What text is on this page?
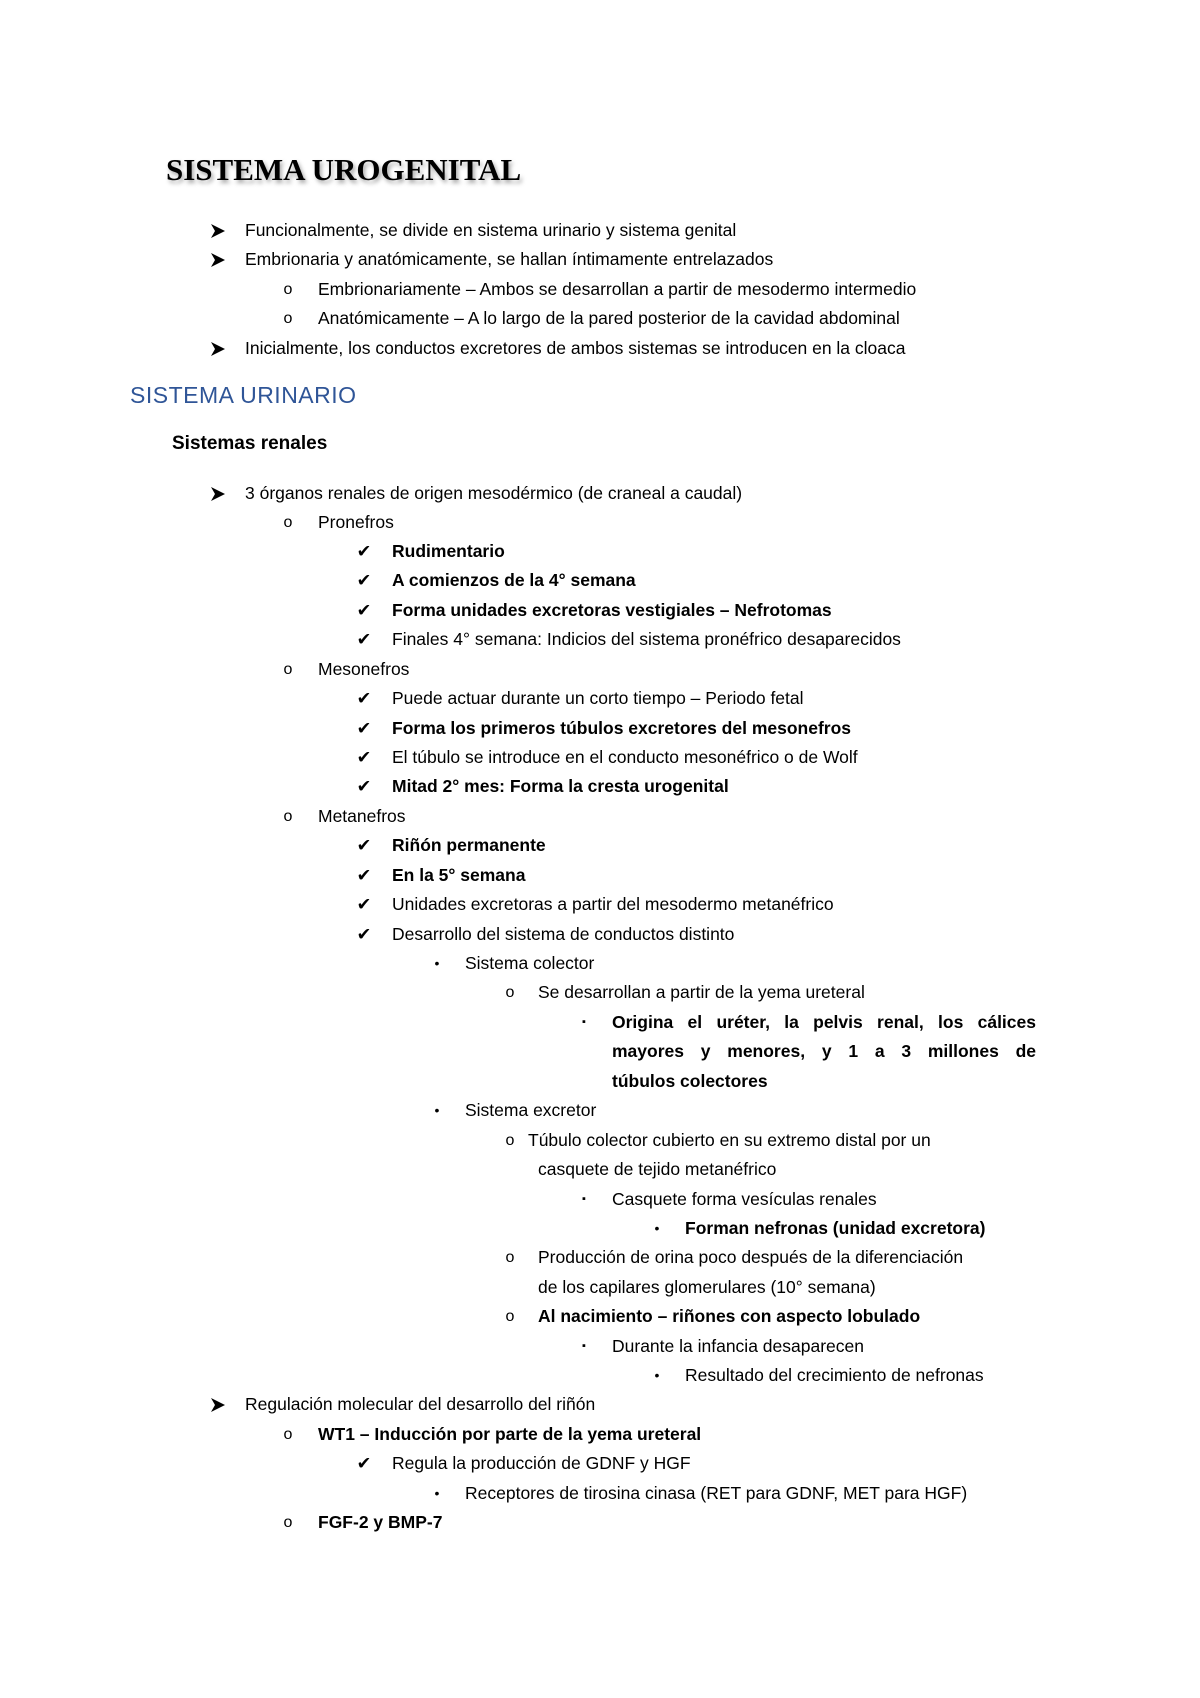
SISTEMA UROGENITAL
Funcionalmente, se divide en sistema urinario y sistema genital
Embrionaria y anatómicamente, se hallan íntimamente entrelazados
o	Embrionariamente – Ambos se desarrollan a partir de mesodermo intermedio
o	Anatómicamente – A lo largo de la pared posterior de la cavidad abdominal
Inicialmente, los conductos excretores de ambos sistemas se introducen en la cloaca
SISTEMA URINARIO
Sistemas renales
3 órganos renales de origen mesodérmico (de craneal a caudal)
o	Pronefros
✔ Rudimentario
✔ A comienzos de la 4° semana
✔ Forma unidades excretoras vestigiales – Nefrotomas
✔ Finales 4° semana: Indicios del sistema pronéfrico desaparecidos
o	Mesonefros
✔ Puede actuar durante un corto tiempo – Periodo fetal
✔ Forma los primeros túbulos excretores del mesonefros
✔ El túbulo se introduce en el conducto mesonéfrico o de Wolf
✔ Mitad 2° mes: Forma la cresta urogenital
o	Metanefros
✔ Riñón permanente
✔ En la 5° semana
✔ Unidades excretoras a partir del mesodermo metanéfrico
✔ Desarrollo del sistema de conductos distinto
•	Sistema colector
o	Se desarrollan a partir de la yema ureteral
▪	Origina el uréter, la pelvis renal, los cálices
mayores y menores, y 1 a 3 millones de
túbulos colectores
•	Sistema excretor
o Túbulo colector cubierto en su extremo distal por un
casquete de tejido metanéfrico
▪	Casquete forma vesículas renales
•	Forman nefronas (unidad excretora)
o	Producción de orina poco después de la diferenciación
de los capilares glomerulares (10° semana)
o	Al nacimiento – riñones con aspecto lobulado
▪	Durante la infancia desaparecen
•	Resultado del crecimiento de nefronas
Regulación molecular del desarrollo del riñón
o	WT1 – Inducción por parte de la yema ureteral
✔ Regula la producción de GDNF y HGF
•	Receptores de tirosina cinasa (RET para GDNF, MET para HGF)
o	FGF-2 y BMP-7
